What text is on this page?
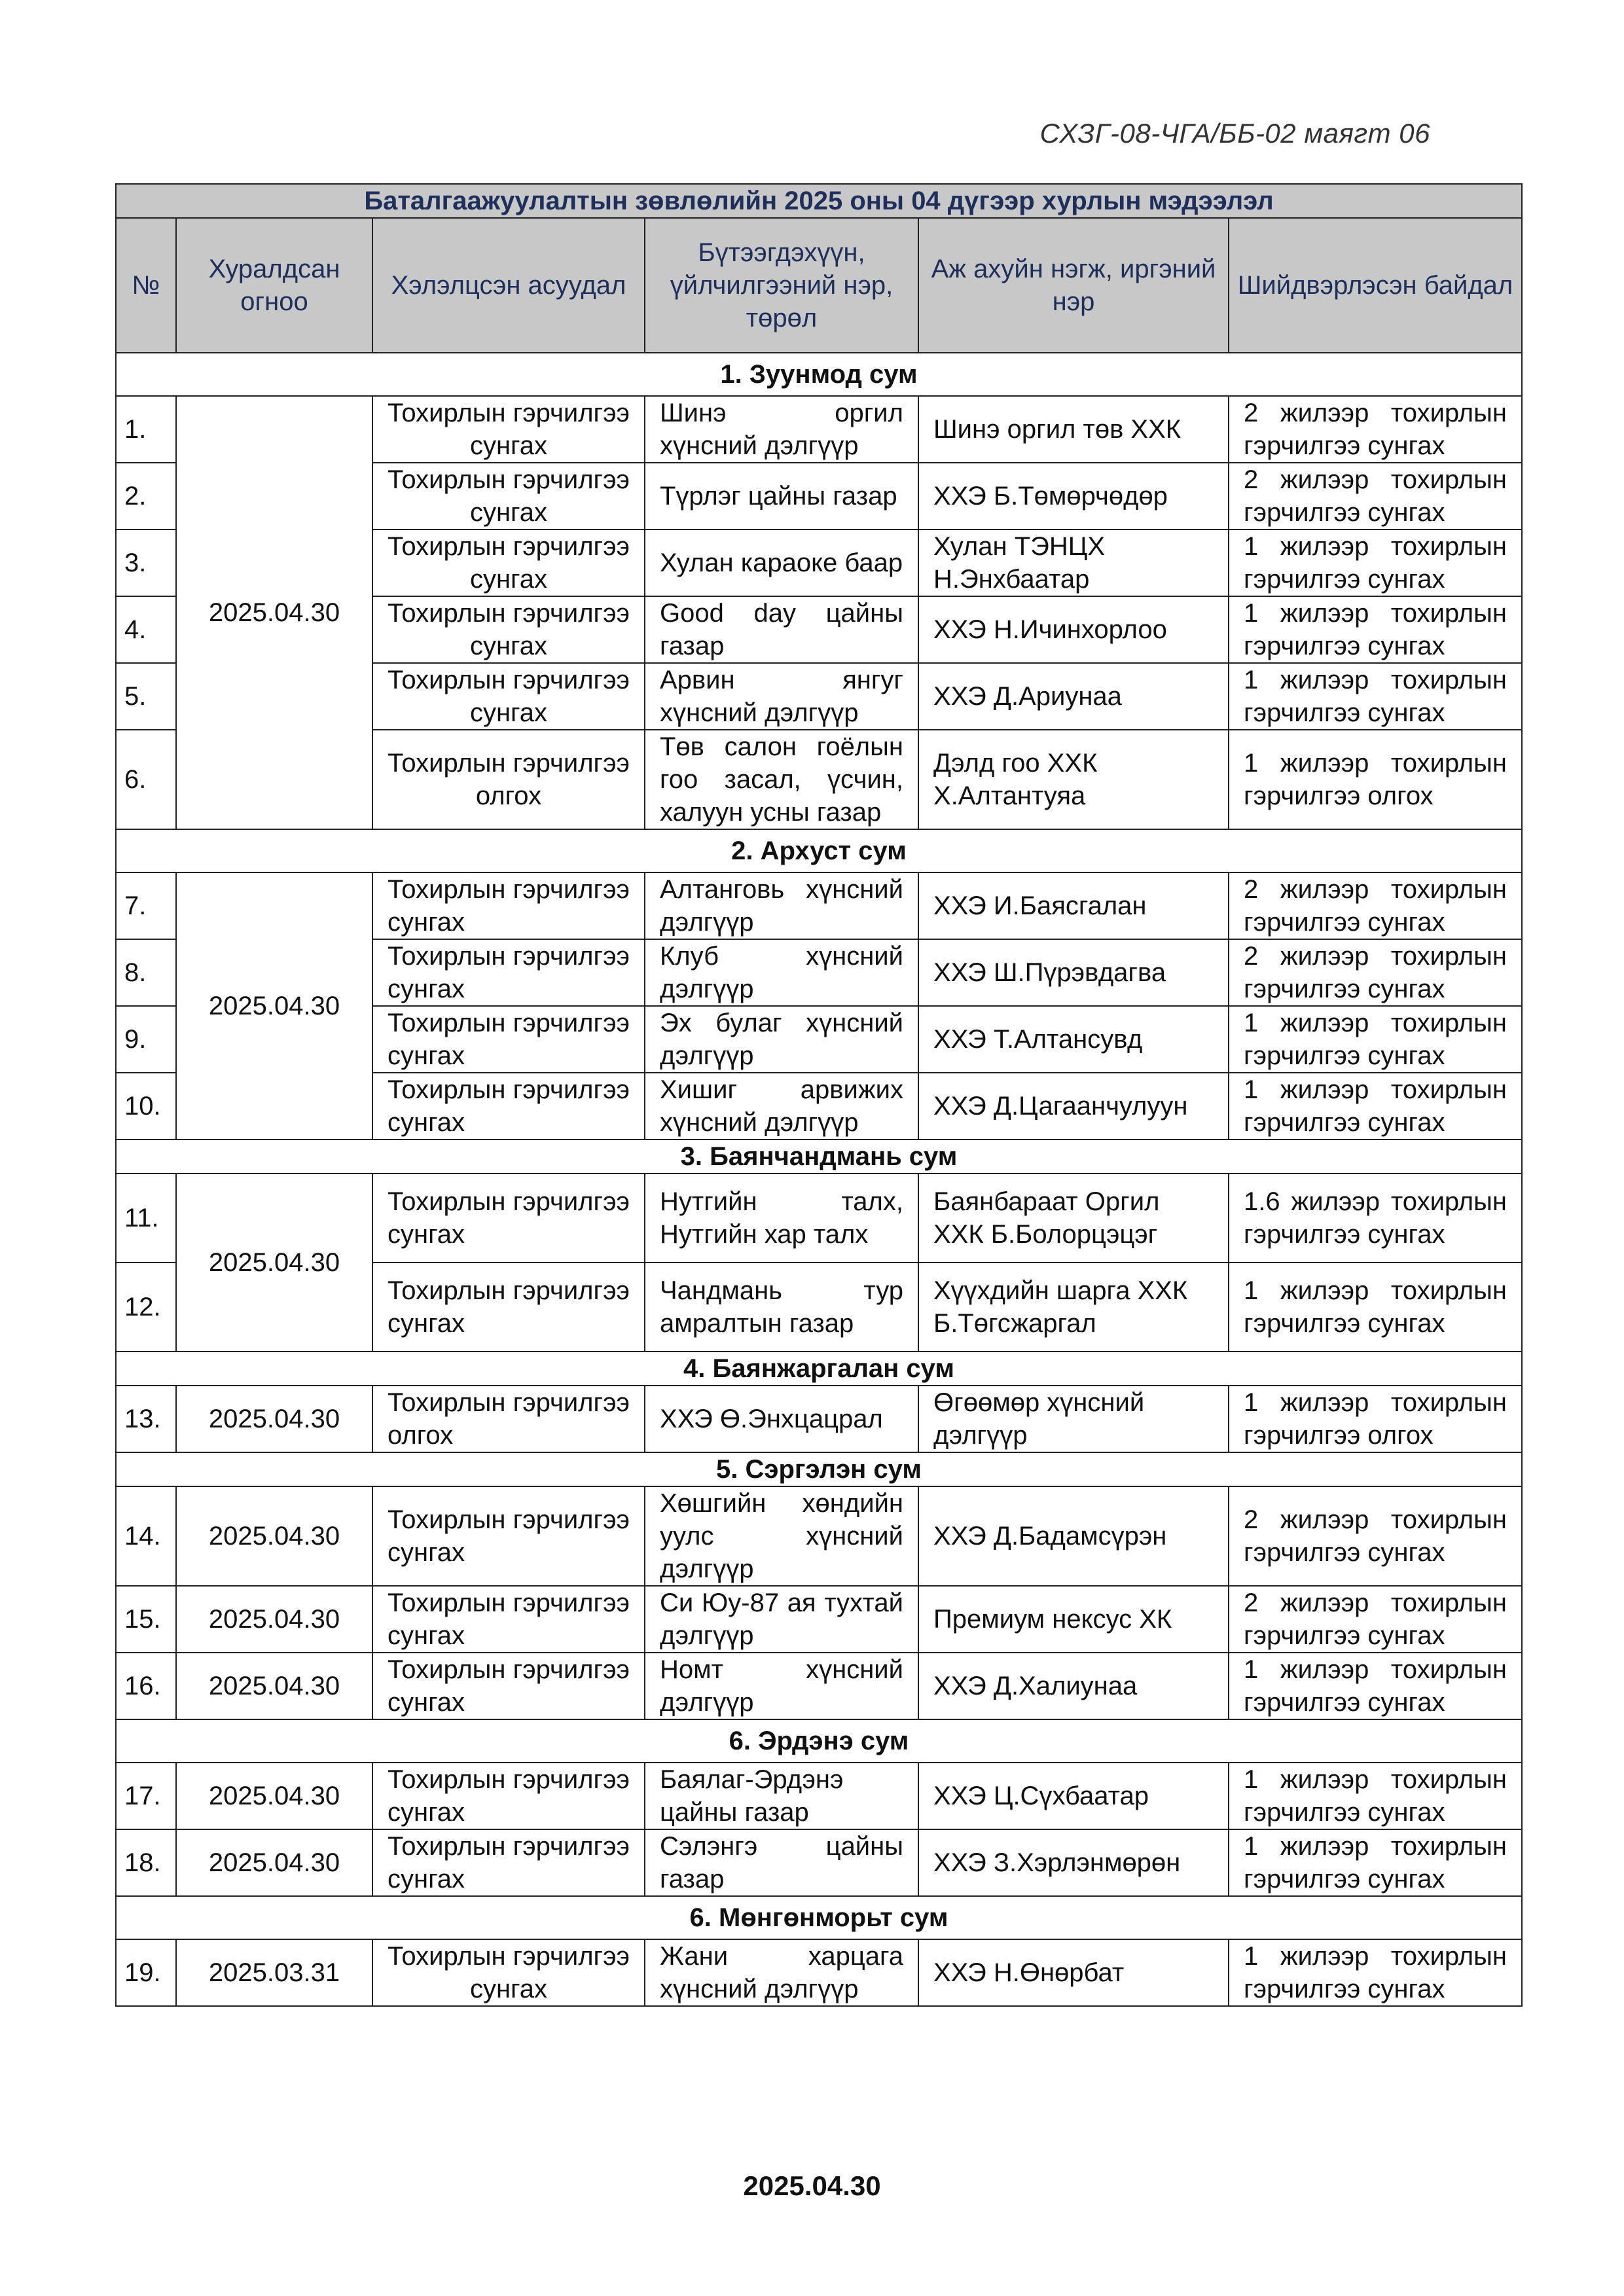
СХЗГ-08-ЧГА/ББ-02 маягт 06
Баталгаажуулалтын зөвлөлийн 2025 оны 04 дүгээр хурлын мэдээлэл					
№	Хуралдсан огноо	Хэлэлцсэн асуудал	Бүтээгдэхүүн, үйлчилгээний нэр, төрөл	Аж ахуйн нэгж, иргэний нэр	Шийдвэрлэсэн байдал
1. Зуунмод сум					
1.	2025.04.30	Тохирлын гэрчилгээ сунгах	Шинэ оргил хүнсний дэлгүүр	Шинэ оргил төв ХХК	2 жилээр тохирлын гэрчилгээ сунгах
2.		Тохирлын гэрчилгээ сунгах	Түрлэг цайны газар	ХХЭ Б.Төмөрчөдөр	2 жилээр тохирлын гэрчилгээ сунгах
3.		Тохирлын гэрчилгээ сунгах	Хулан караоке баар	Хулан ТЭНЦХ Н.Энхбаатар	1 жилээр тохирлын гэрчилгээ сунгах
4.		Тохирлын гэрчилгээ сунгах	Good day цайны газар	ХХЭ Н.Ичинхорлоо	1 жилээр тохирлын гэрчилгээ сунгах
5.		Тохирлын гэрчилгээ сунгах	Арвин янгуг хүнсний дэлгүүр	ХХЭ Д.Ариунаа	1 жилээр тохирлын гэрчилгээ сунгах
6.		Тохирлын гэрчилгээ олгох	Төв салон гоёлын гоо засал, үсчин, халуун усны газар	Дэлд гоо ХХК Х.Алтантуяа	1 жилээр тохирлын гэрчилгээ олгох
2. Архуст сум					
7.	2025.04.30	Тохирлын гэрчилгээ сунгах	Алтанговь хүнсний дэлгүүр	ХХЭ И.Баясгалан	2 жилээр тохирлын гэрчилгээ сунгах
8.		Тохирлын гэрчилгээ сунгах	Клуб хүнсний дэлгүүр	ХХЭ Ш.Пүрэвдагва	2 жилээр тохирлын гэрчилгээ сунгах
9.		Тохирлын гэрчилгээ сунгах	Эх булаг хүнсний дэлгүүр	ХХЭ Т.Алтансувд	1 жилээр тохирлын гэрчилгээ сунгах
10.		Тохирлын гэрчилгээ сунгах	Хишиг арвижих хүнсний дэлгүүр	ХХЭ Д.Цагаанчулуун	1 жилээр тохирлын гэрчилгээ сунгах
3. Баянчандмань сум					
11.	2025.04.30	Тохирлын гэрчилгээ сунгах	Нутгийн талх, Нутгийн хар талх	Баянбараат Оргил ХХК Б.Болорцэцэг	1.6 жилээр тохирлын гэрчилгээ сунгах
12.		Тохирлын гэрчилгээ сунгах	Чандмань тур амралтын газар	Хүүхдийн шарга ХХК Б.Төгсжаргал	1 жилээр тохирлын гэрчилгээ сунгах
4. Баянжаргалан сум					
13.	2025.04.30	Тохирлын гэрчилгээ олгох	ХХЭ Ө.Энхцацрал	Өгөөмөр хүнсний дэлгүүр	1 жилээр тохирлын гэрчилгээ олгох
5. Сэргэлэн сум					
14.	2025.04.30	Тохирлын гэрчилгээ сунгах	Хөшгийн хөндийн уулс хүнсний дэлгүүр	ХХЭ Д.Бадамсүрэн	2 жилээр тохирлын гэрчилгээ сунгах
15.	2025.04.30	Тохирлын гэрчилгээ сунгах	Си Юу-87 ая тухтай дэлгүүр	Премиум нексус ХК	2 жилээр тохирлын гэрчилгээ сунгах
16.	2025.04.30	Тохирлын гэрчилгээ сунгах	Номт хүнсний дэлгүүр	ХХЭ Д.Халиунаа	1 жилээр тохирлын гэрчилгээ сунгах
6. Эрдэнэ сум					
17.	2025.04.30	Тохирлын гэрчилгээ сунгах	Баялаг-Эрдэнэ цайны газар	ХХЭ Ц.Сүхбаатар	1 жилээр тохирлын гэрчилгээ сунгах
18.	2025.04.30	Тохирлын гэрчилгээ сунгах	Сэлэнгэ цайны газар	ХХЭ З.Хэрлэнмөрөн	1 жилээр тохирлын гэрчилгээ сунгах
6. Мөнгөнморьт сум					
19.	2025.03.31	Тохирлын гэрчилгээ сунгах	Жани харцага хүнсний дэлгүүр	ХХЭ Н.Өнөрбат	1 жилээр тохирлын гэрчилгээ сунгах
2025.04.30
